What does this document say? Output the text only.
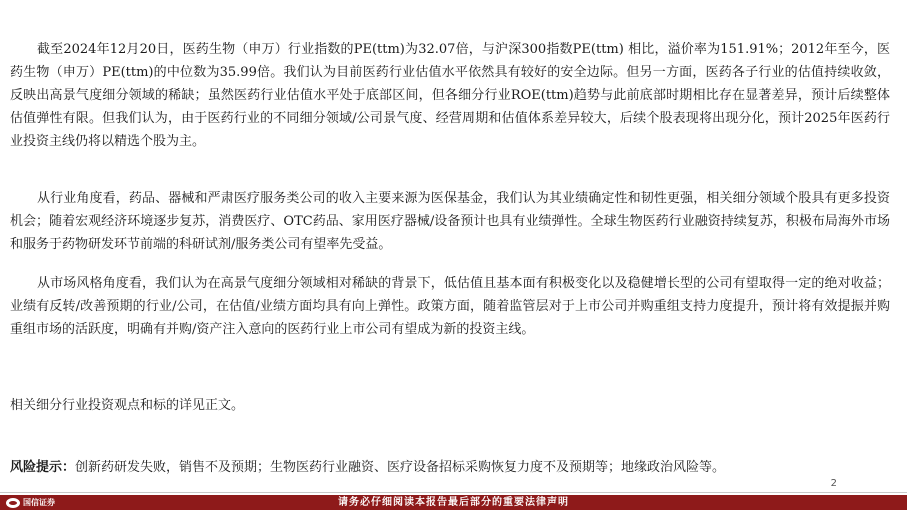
截至2024年12月20日，医药生物（申万）行业指数的PE(ttm)为32.07倍，与沪深300指数PE(ttm) 相比，溢价率为151.91%；2012年至今，医药生物（申万）PE(ttm)的中位数为35.99倍。我们认为目前医药行业估值水平依然具有较好的安全边际。但另一方面，医药各子行业的估值持续收敛，反映出高景气度细分领域的稀缺；虽然医药行业估值水平处于底部区间，但各细分行业ROE(ttm)趋势与此前底部时期相比存在显著差异，预计后续整体估值弹性有限。但我们认为，由于医药行业的不同细分领域/公司景气度、经营周期和估值体系差异较大，后续个股表现将出现分化，预计2025年医药行业投资主线仍将以精选个股为主。

从行业角度看，药品、器械和严肃医疗服务类公司的收入主要来源为医保基金，我们认为其业绩确定性和韧性更强，相关细分领域个股具有更多投资机会；随着宏观经济环境逐步复苏，消费医疗、OTC药品、家用医疗器械/设备预计也具有业绩弹性。全球生物医药行业融资持续复苏，积极布局海外市场和服务于药物研发环节前端的科研试剂/服务类公司有望率先受益。

从市场风格角度看，我们认为在高景气度细分领域相对稀缺的背景下，低估值且基本面有积极变化以及稳健增长型的公司有望取得一定的绝对收益；业绩有反转/改善预期的行业/公司，在估值/业绩方面均具有向上弹性。政策方面，随着监管层对于上市公司并购重组支持力度提升，预计将有效提振并购重组市场的活跃度，明确有并购/资产注入意向的医药行业上市公司有望成为新的投资主线。

相关细分行业投资观点和标的详见正文。

风险提示：创新药研发失败，销售不及预期；生物医药行业融资、医疗设备招标采购恢复力度不及预期等；地缘政治风险等。

2
国信证券	请务必仔细阅读本报告最后部分的重要法律声明
